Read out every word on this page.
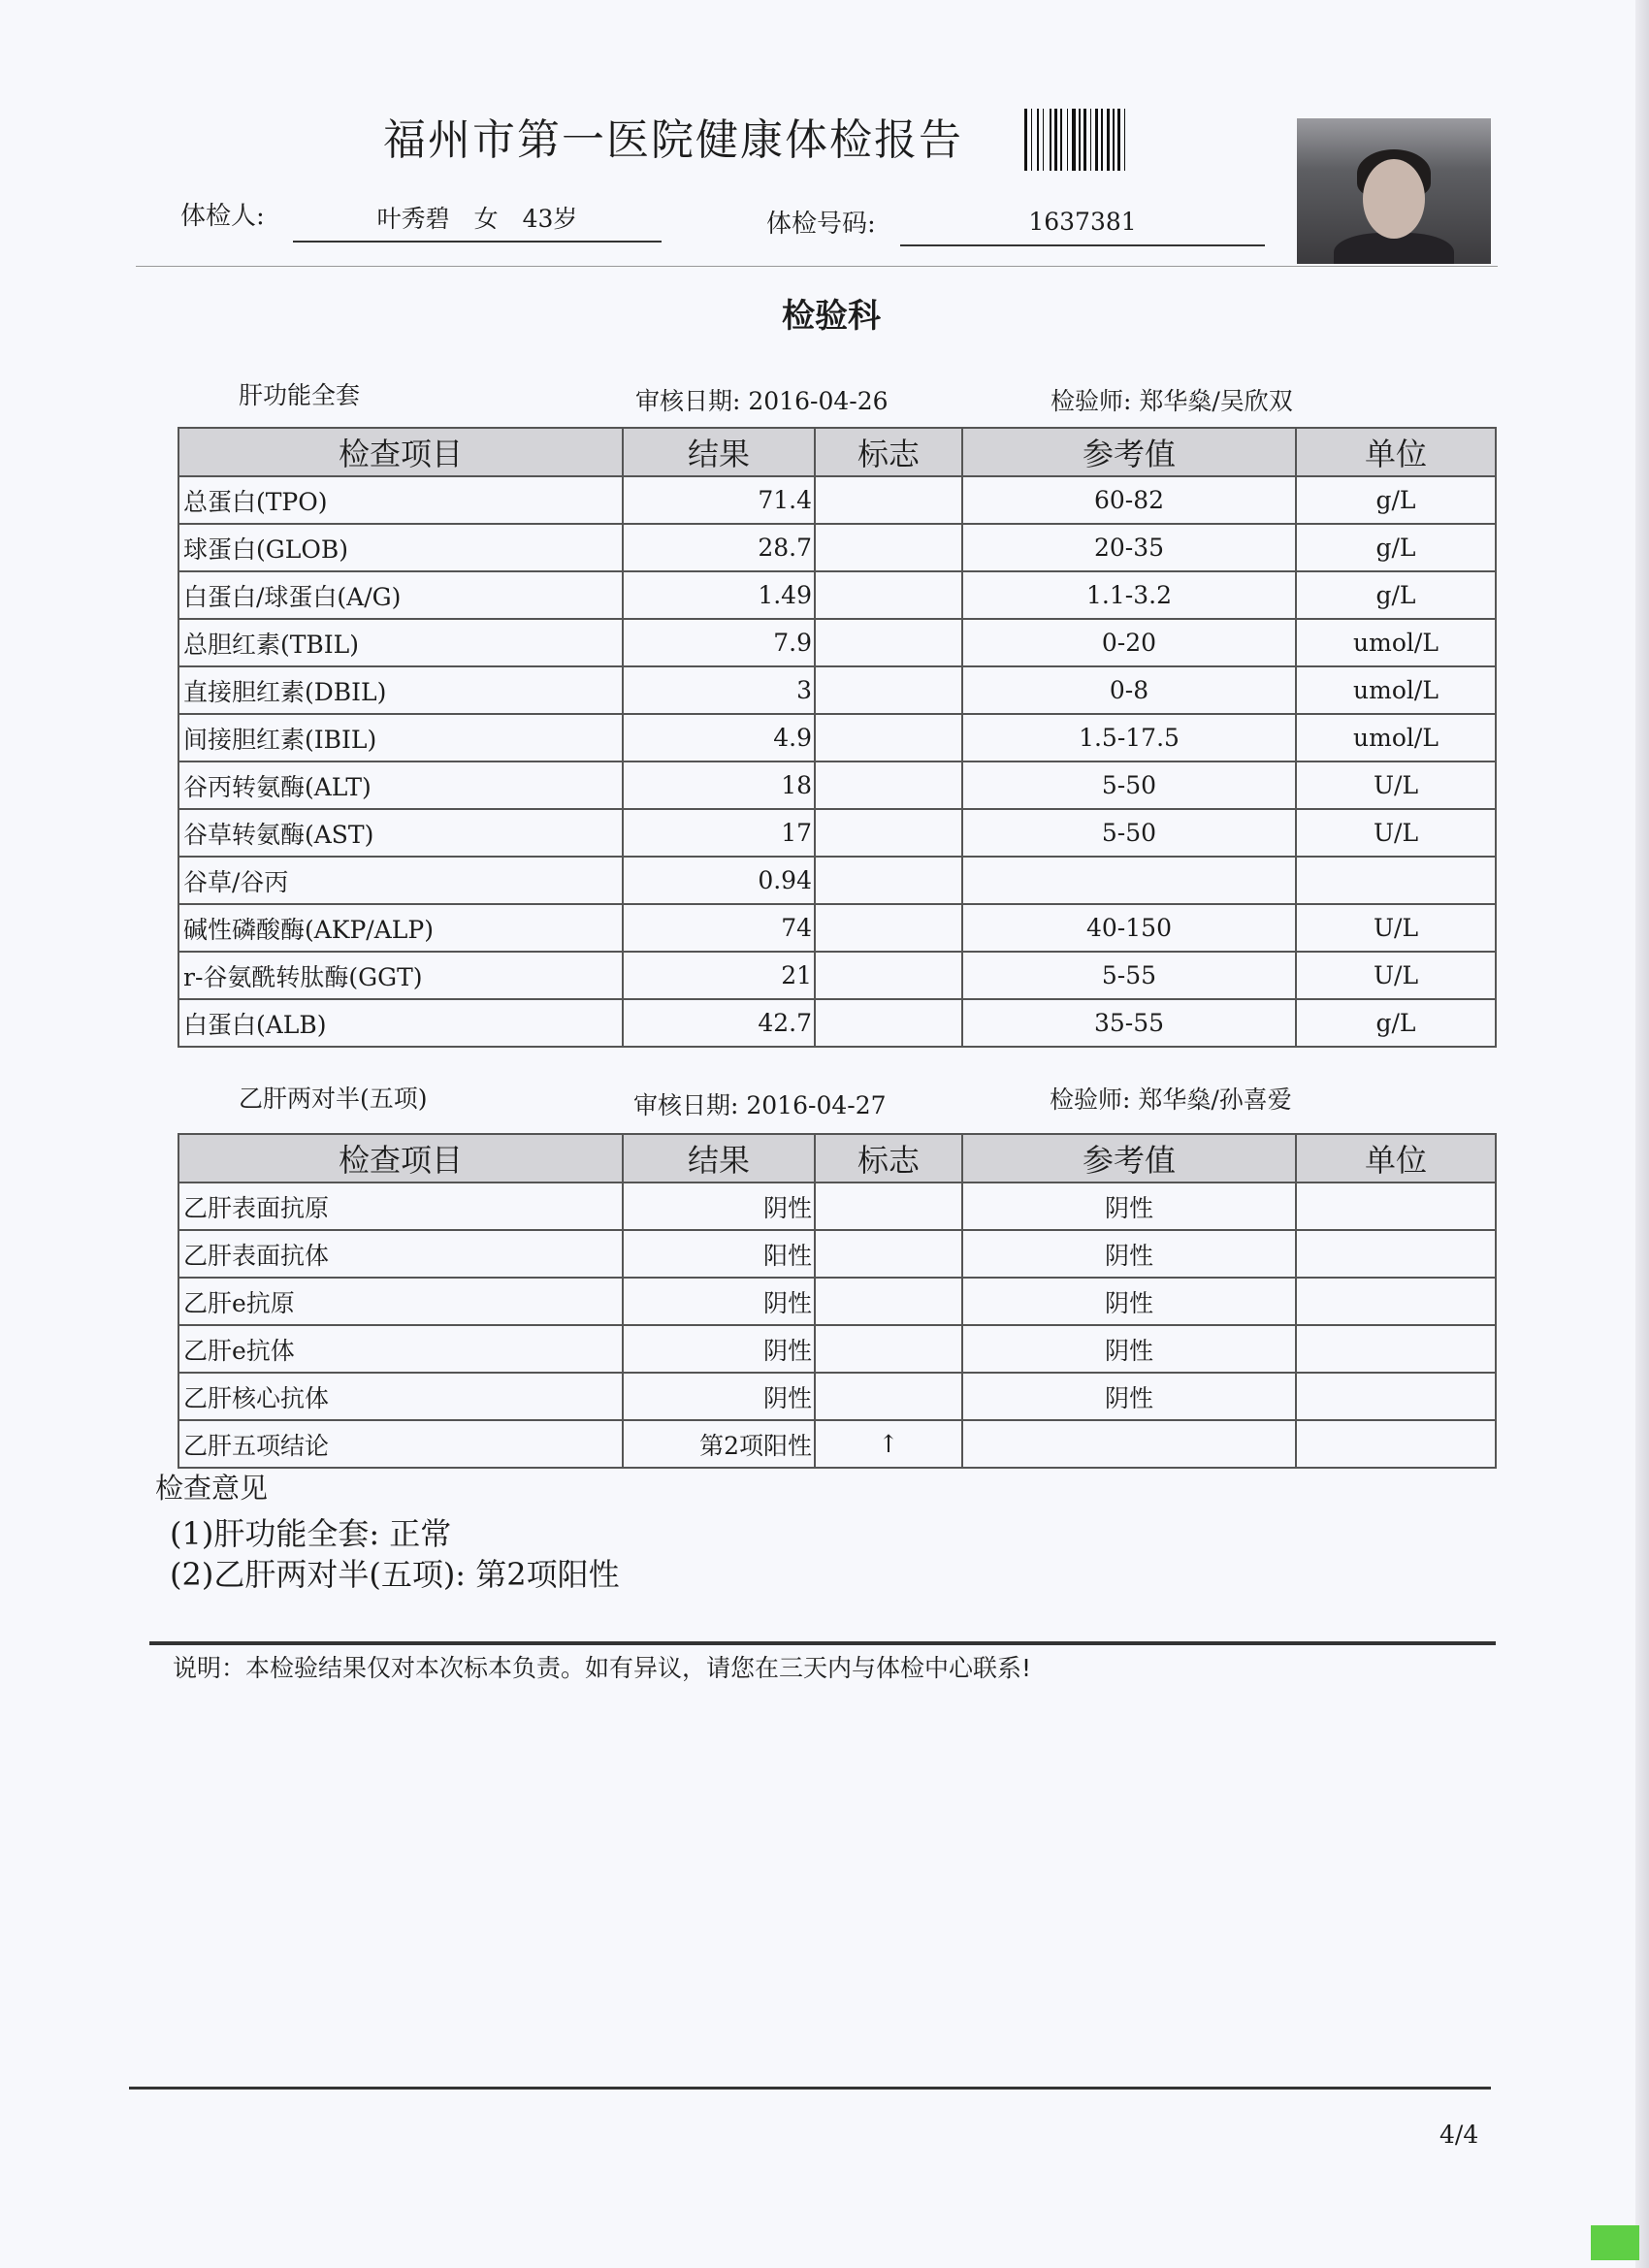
福州市第一医院健康体检报告
体检人:	叶秀碧　女　43岁	体检号码:	1637381
检验科
肝功能全套	审核日期: 2016-04-26	检验师: 郑华燊/吴欣双
检查项目	结果	标志	参考值	单位
总蛋白(TPO)	71.4		60-82	g/L
球蛋白(GLOB)	28.7		20-35	g/L
白蛋白/球蛋白(A/G)	1.49		1.1-3.2	g/L
总胆红素(TBIL)	7.9		0-20	umol/L
直接胆红素(DBIL)	3		0-8	umol/L
间接胆红素(IBIL)	4.9		1.5-17.5	umol/L
谷丙转氨酶(ALT)	18		5-50	U/L
谷草转氨酶(AST)	17		5-50	U/L
谷草/谷丙	0.94			
碱性磷酸酶(AKP/ALP)	74		40-150	U/L
r-谷氨酰转肽酶(GGT)	21		5-55	U/L
白蛋白(ALB)	42.7		35-55	g/L
乙肝两对半(五项)	审核日期: 2016-04-27	检验师: 郑华燊/孙喜爱
检查项目	结果	标志	参考值	单位
乙肝表面抗原	阴性		阴性	
乙肝表面抗体	阳性		阴性	
乙肝e抗原	阴性		阴性	
乙肝e抗体	阴性		阴性	
乙肝核心抗体	阴性		阴性	
乙肝五项结论	第2项阳性	↑		
检查意见
(1)肝功能全套: 正常
(2)乙肝两对半(五项): 第2项阳性
说明：本检验结果仅对本次标本负责。如有异议，请您在三天内与体检中心联系!
4/4
